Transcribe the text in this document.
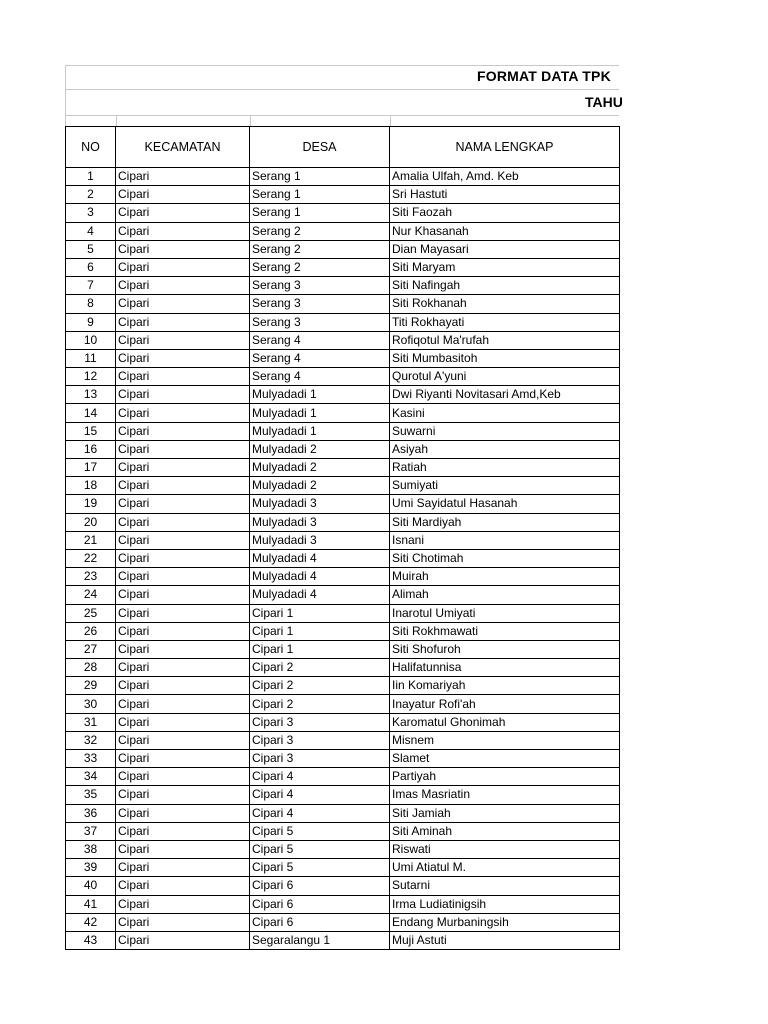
FORMAT DATA TPK
TAHU
NO	KECAMATAN	DESA	NAMA LENGKAP
1	Cipari	Serang 1	Amalia Ulfah, Amd. Keb
2	Cipari	Serang 1	Sri Hastuti
3	Cipari	Serang 1	Siti Faozah
4	Cipari	Serang 2	Nur Khasanah
5	Cipari	Serang 2	Dian Mayasari
6	Cipari	Serang 2	Siti Maryam
7	Cipari	Serang 3	Siti Nafingah
8	Cipari	Serang 3	Siti Rokhanah
9	Cipari	Serang 3	Titi Rokhayati
10	Cipari	Serang 4	Rofiqotul Ma'rufah
11	Cipari	Serang 4	Siti Mumbasitoh
12	Cipari	Serang 4	Qurotul A'yuni
13	Cipari	Mulyadadi 1	Dwi Riyanti Novitasari Amd,Keb
14	Cipari	Mulyadadi 1	Kasini
15	Cipari	Mulyadadi 1	Suwarni
16	Cipari	Mulyadadi 2	Asiyah
17	Cipari	Mulyadadi 2	Ratiah
18	Cipari	Mulyadadi 2	Sumiyati
19	Cipari	Mulyadadi 3	Umi Sayidatul Hasanah
20	Cipari	Mulyadadi 3	Siti Mardiyah
21	Cipari	Mulyadadi 3	Isnani
22	Cipari	Mulyadadi 4	Siti Chotimah
23	Cipari	Mulyadadi 4	Muirah
24	Cipari	Mulyadadi 4	Alimah
25	Cipari	Cipari 1	Inarotul Umiyati
26	Cipari	Cipari 1	Siti Rokhmawati
27	Cipari	Cipari 1	Siti Shofuroh
28	Cipari	Cipari 2	Halifatunnisa
29	Cipari	Cipari 2	Iin Komariyah
30	Cipari	Cipari 2	Inayatur Rofi'ah
31	Cipari	Cipari 3	Karomatul Ghonimah
32	Cipari	Cipari 3	Misnem
33	Cipari	Cipari 3	Slamet
34	Cipari	Cipari 4	Partiyah
35	Cipari	Cipari 4	Imas Masriatin
36	Cipari	Cipari 4	Siti Jamiah
37	Cipari	Cipari 5	Siti Aminah
38	Cipari	Cipari 5	Riswati
39	Cipari	Cipari 5	Umi Atiatul M.
40	Cipari	Cipari 6	Sutarni
41	Cipari	Cipari 6	Irma Ludiatinigsih
42	Cipari	Cipari 6	Endang Murbaningsih
43	Cipari	Segaralangu 1	Muji Astuti
